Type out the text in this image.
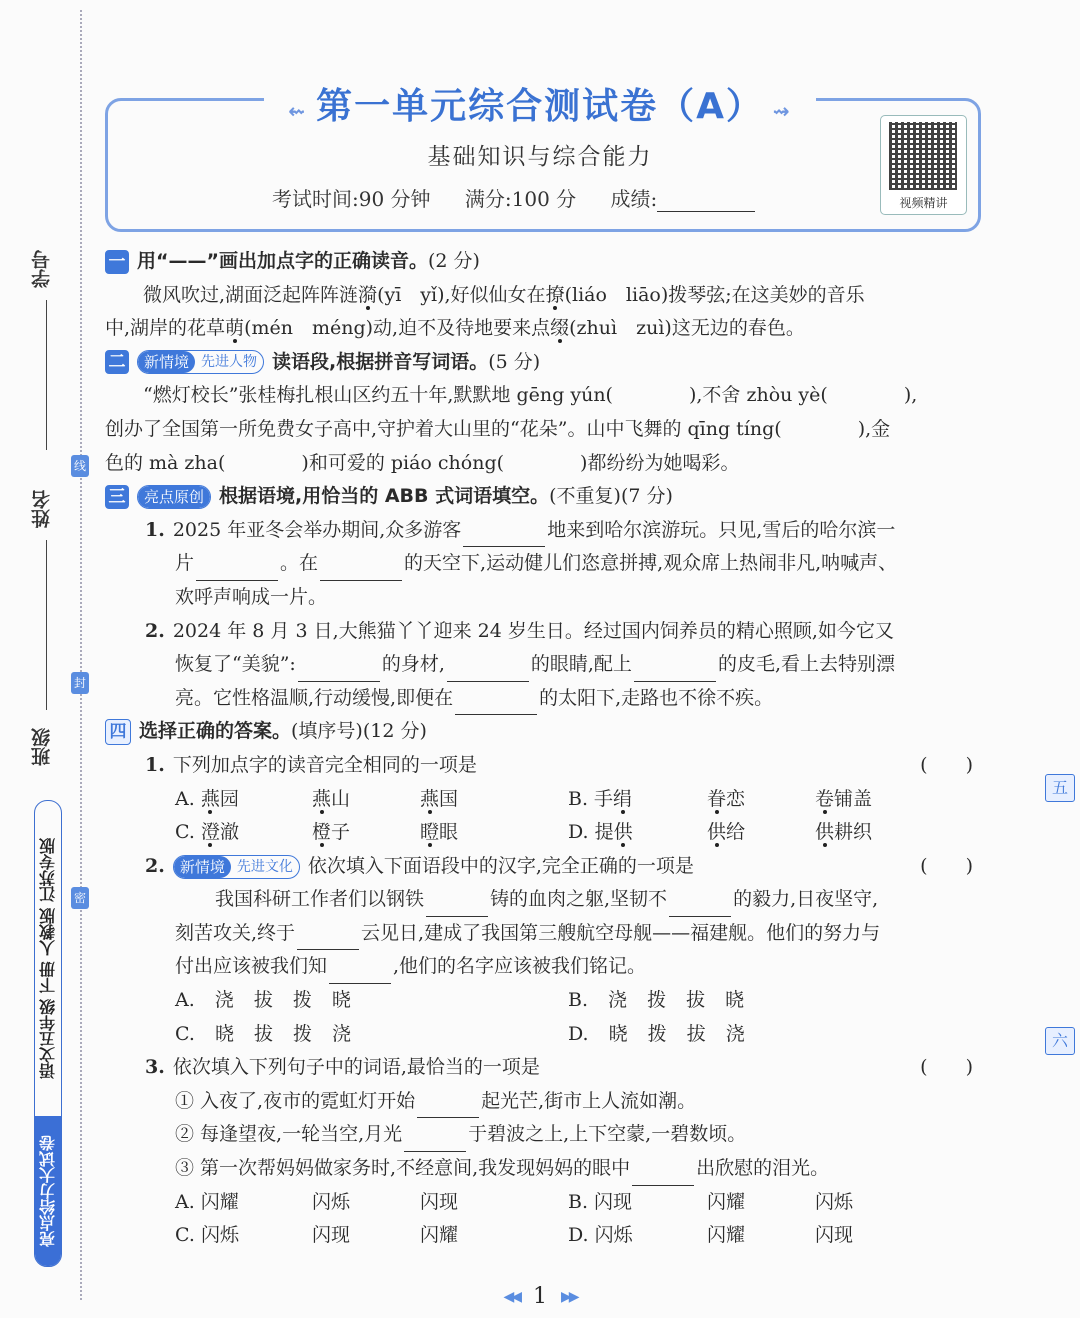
线
封
密
学号
姓名
班级
语文五年级 下册 人教版 江苏专版
亮点给力大试卷
⇜ 第一单元综合测试卷（A） ⇝
基础知识与综合能力
考试时间:90 分钟 满分:100 分 成绩:	视频精讲
一 用“——”画出加点字的正确读音。(2 分)
微风吹过,湖面泛起阵阵涟漪(yī　yǐ),好似仙女在撩(liáo　liāo)拨琴弦;在这美妙的音乐
中,湖岸的花草萌(mén　méng)动,迫不及待地要来点缀(zhuì　zuì)这无边的春色。
二	新情境 先进人物 读语段,根据拼音写词语。(5 分)
“燃灯校长”张桂梅扎根山区约五十年,默默地 gēng yún(　　　　),不舍 zhòu yè(　　　　),
创办了全国第一所免费女子高中,守护着大山里的“花朵”。山中飞舞的 qīng tíng(　　　　),金
色的 mà zha(　　　　)和可爱的 piáo chóng(　　　　)都纷纷为她喝彩。
三	亮点原创 根据语境,用恰当的 ABB 式词语填空。(不重复)(7 分)
1. 2025 年亚冬会举办期间,众多游客	地来到哈尔滨游玩。只见,雪后的哈尔滨一
片	。在	的天空下,运动健儿们恣意拼搏,观众席上热闹非凡,呐喊声、
欢呼声响成一片。
2. 2024 年 8 月 3 日,大熊猫丫丫迎来 24 岁生日。经过国内饲养员的精心照顾,如今它又
恢复了“美貌”:	的身材,	的眼睛,配上	的皮毛,看上去特别漂
亮。它性格温顺,行动缓慢,即便在	的太阳下,走路也不徐不疾。
四 选择正确的答案。(填序号)(12 分)
1. 下列加点字的读音完全相同的一项是	(　　)
A. 燕园	燕山	燕国	B. 手绢	眷恋	卷铺盖
C. 澄澈	橙子	瞪眼	D. 提供	供给	供耕织
2.	新情境 先进文化 依次填入下面语段中的汉字,完全正确的一项是	(　　)
我国科研工作者们以钢铁	铸的血肉之躯,坚韧不	的毅力,日夜坚守,
刻苦攻关,终于	云见日,建成了我国第三艘航空母舰——福建舰。他们的努力与
付出应该被我们知	,他们的名字应该被我们铭记。
A. 浇 拔 拨 晓	B. 浇 拨 拔 晓
C. 晓 拔 拨 浇	D. 晓 拨 拔 浇
3. 依次填入下列句子中的词语,最恰当的一项是	(　　)
① 入夜了,夜市的霓虹灯开始	起光芒,街市上人流如潮。
② 每逢望夜,一轮当空,月光	于碧波之上,上下空蒙,一碧数顷。
③ 第一次帮妈妈做家务时,不经意间,我发现妈妈的眼中	出欣慰的泪光。
A. 闪耀	闪烁	闪现	B. 闪现	闪耀	闪烁
C. 闪烁	闪现	闪耀	D. 闪烁	闪耀	闪现
五
六
◀◀ 1 ▶▶
